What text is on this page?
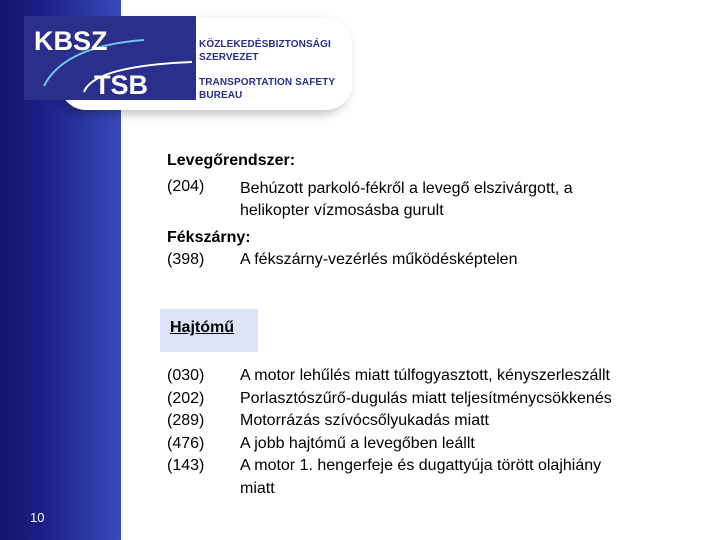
10
KBSZ
TSB
KÖZLEKEDÉSBIZTONSÁGI
SZERVEZET
TRANSPORTATION SAFETY
BUREAU
Levegőrendszer:
(204) Behúzott parkoló-fékről a levegő elszivárgott, a
helikopter vízmosásba gurult
Fékszárny:
(398) A fékszárny-vezérlés működésképtelen
Hajtómű
(030)
(202)
(289)
(476)
(143)
A motor lehűlés miatt túlfogyasztott, kényszerleszállt
Porlasztószűrő-dugulás miatt teljesítménycsökkenés
Motorrázás szívócsőlyukadás miatt
A jobb hajtómű a levegőben leállt
A motor 1. hengerfeje és dugattyúja törött olajhiány
miatt
